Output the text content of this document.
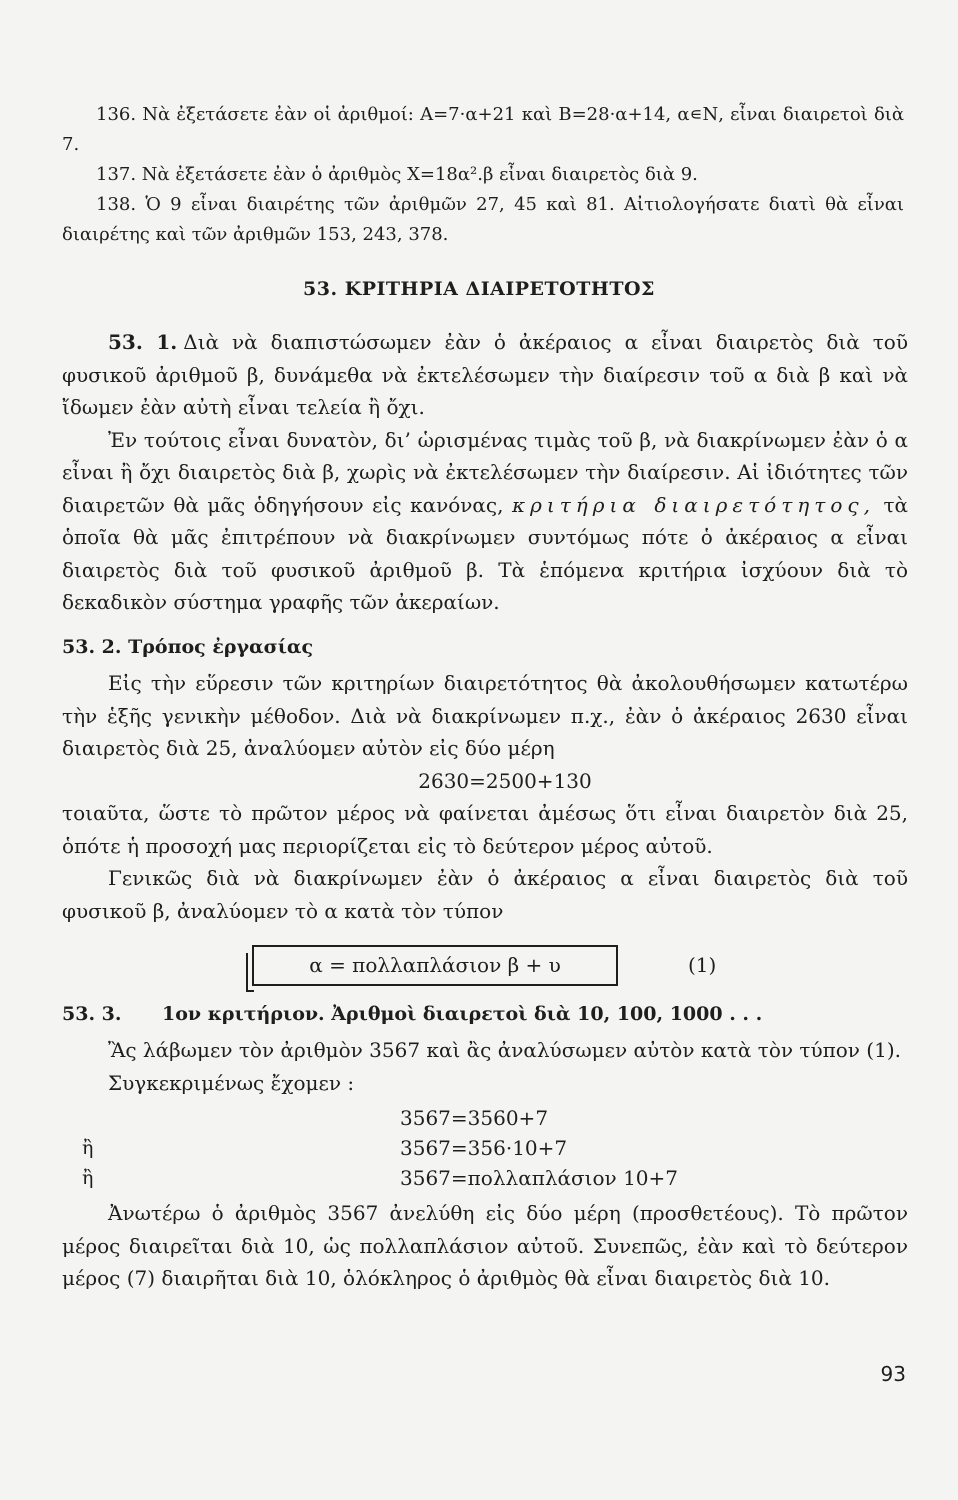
136. Νὰ ἐξετάσετε ἐὰν οἱ ἀριθμοί: Α=7·α+21 καὶ Β=28·α+14, α∊Ν, εἶναι διαιρετοὶ διὰ 7.

137. Νὰ ἐξετάσετε ἐὰν ὁ ἀριθμὸς Χ=18α².β εἶναι διαιρετὸς διὰ 9.

138. Ὁ 9 εἶναι διαιρέτης τῶν ἀριθμῶν 27, 45 καὶ 81. Αἰτιολογήσατε διατὶ θὰ εἶναι διαιρέτης καὶ τῶν ἀριθμῶν 153, 243, 378.

53. ΚΡΙΤΗΡΙΑ ΔΙΑΙΡΕΤΟΤΗΤΟΣ

53. 1. Διὰ νὰ διαπιστώσωμεν ἐὰν ὁ ἀκέραιος α εἶναι διαιρετὸς διὰ τοῦ φυσικοῦ ἀριθμοῦ β, δυνάμεθα νὰ ἐκτελέσωμεν τὴν διαίρεσιν τοῦ α διὰ β καὶ νὰ ἴδωμεν ἐὰν αὐτὴ εἶναι τελεία ἢ ὄχι.

Ἐν τούτοις εἶναι δυνατὸν, δι’ ὡρισμένας τιμὰς τοῦ β, νὰ διακρίνωμεν ἐὰν ὁ α εἶναι ἢ ὄχι διαιρετὸς διὰ β, χωρὶς νὰ ἐκτελέσωμεν τὴν διαίρεσιν. Αἱ ἰδιότητες τῶν διαιρετῶν θὰ μᾶς ὁδηγήσουν εἰς κανόνας, κριτήρια διαιρετότητος, τὰ ὁποῖα θὰ μᾶς ἐπιτρέπουν νὰ διακρίνωμεν συντόμως πότε ὁ ἀκέραιος α εἶναι διαιρετὸς διὰ τοῦ φυσικοῦ ἀριθμοῦ β. Τὰ ἑπόμενα κριτήρια ἰσχύουν διὰ τὸ δεκαδικὸν σύστημα γραφῆς τῶν ἀκεραίων.

53. 2. Τρόπος ἐργασίας

Εἰς τὴν εὕρεσιν τῶν κριτηρίων διαιρετότητος θὰ ἀκολουθήσωμεν κατωτέρω τὴν ἑξῆς γενικὴν μέθοδον. Διὰ νὰ διακρίνωμεν π.χ., ἐὰν ὁ ἀκέραιος 2630 εἶναι διαιρετὸς διὰ 25, ἀναλύομεν αὐτὸν εἰς δύο μέρη

2630=2500+130

τοιαῦτα, ὥστε τὸ πρῶτον μέρος νὰ φαίνεται ἀμέσως ὅτι εἶναι διαιρετὸν διὰ 25, ὁπότε ἡ προσοχή μας περιορίζεται εἰς τὸ δεύτερον μέρος αὐτοῦ.

Γενικῶς διὰ νὰ διακρίνωμεν ἐὰν ὁ ἀκέραιος α εἶναι διαιρετὸς διὰ τοῦ φυσικοῦ β, ἀναλύομεν τὸ α κατὰ τὸν τύπον

α = πολλαπλάσιον β + υ	(1)

53. 3. 1ον κριτήριον. Ἀριθμοὶ διαιρετοὶ διὰ 10, 100, 1000 . . .

Ἂς λάβωμεν τὸν ἀριθμὸν 3567 καὶ ἂς ἀναλύσωμεν αὐτὸν κατὰ τὸν τύπον (1).

Συγκεκριμένως ἔχομεν :

3567=3560+7
ἢ	3567=356·10+7
ἢ	3567=πολλαπλάσιον 10+7

Ἀνωτέρω ὁ ἀριθμὸς 3567 ἀνελύθη εἰς δύο μέρη (προσθετέους). Τὸ πρῶτον μέρος διαιρεῖται διὰ 10, ὡς πολλαπλάσιον αὐτοῦ. Συνεπῶς, ἐὰν καὶ τὸ δεύτερον μέρος (7) διαιρῆται διὰ 10, ὁλόκληρος ὁ ἀριθμὸς θὰ εἶναι διαιρετὸς διὰ 10.

93
